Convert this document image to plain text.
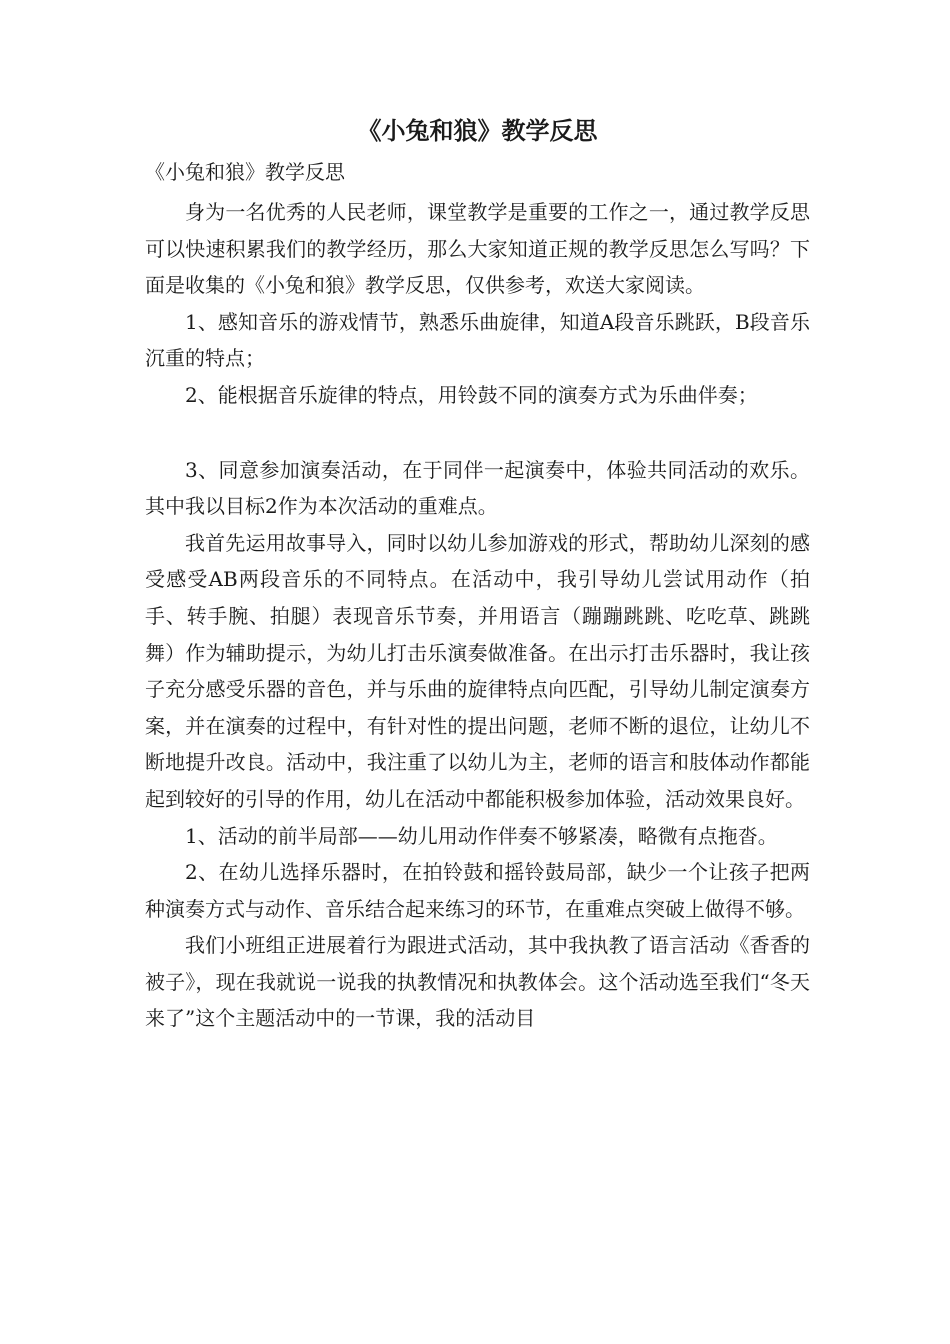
《小兔和狼》教学反思
《小兔和狼》教学反思

身为一名优秀的人民老师，课堂教学是重要的工作之一，通过教学反思可以快速积累我们的教学经历，那么大家知道正规的教学反思怎么写吗？下面是收集的《小兔和狼》教学反思，仅供参考，欢送大家阅读。

1、感知音乐的游戏情节，熟悉乐曲旋律，知道A段音乐跳跃，B段音乐沉重的特点；

2、能根据音乐旋律的特点，用铃鼓不同的演奏方式为乐曲伴奏；

3、同意参加演奏活动，在于同伴一起演奏中，体验共同活动的欢乐。其中我以目标2作为本次活动的重难点。

我首先运用故事导入，同时以幼儿参加游戏的形式，帮助幼儿深刻的感受感受AB两段音乐的不同特点。在活动中，我引导幼儿尝试用动作（拍手、转手腕、拍腿）表现音乐节奏，并用语言（蹦蹦跳跳、吃吃草、跳跳舞）作为辅助提示，为幼儿打击乐演奏做准备。在出示打击乐器时，我让孩子充分感受乐器的音色，并与乐曲的旋律特点向匹配，引导幼儿制定演奏方案，并在演奏的过程中，有针对性的提出问题，老师不断的退位，让幼儿不断地提升改良。活动中，我注重了以幼儿为主，老师的语言和肢体动作都能起到较好的引导的作用，幼儿在活动中都能积极参加体验，活动效果良好。

1、活动的前半局部——幼儿用动作伴奏不够紧凑，略微有点拖沓。

2、在幼儿选择乐器时，在拍铃鼓和摇铃鼓局部，缺少一个让孩子把两种演奏方式与动作、音乐结合起来练习的环节，在重难点突破上做得不够。

我们小班组正进展着行为跟进式活动，其中我执教了语言活动《香香的被子》，现在我就说一说我的执教情况和执教体会。这个活动选至我们“冬天来了”这个主题活动中的一节课，我的活动目
